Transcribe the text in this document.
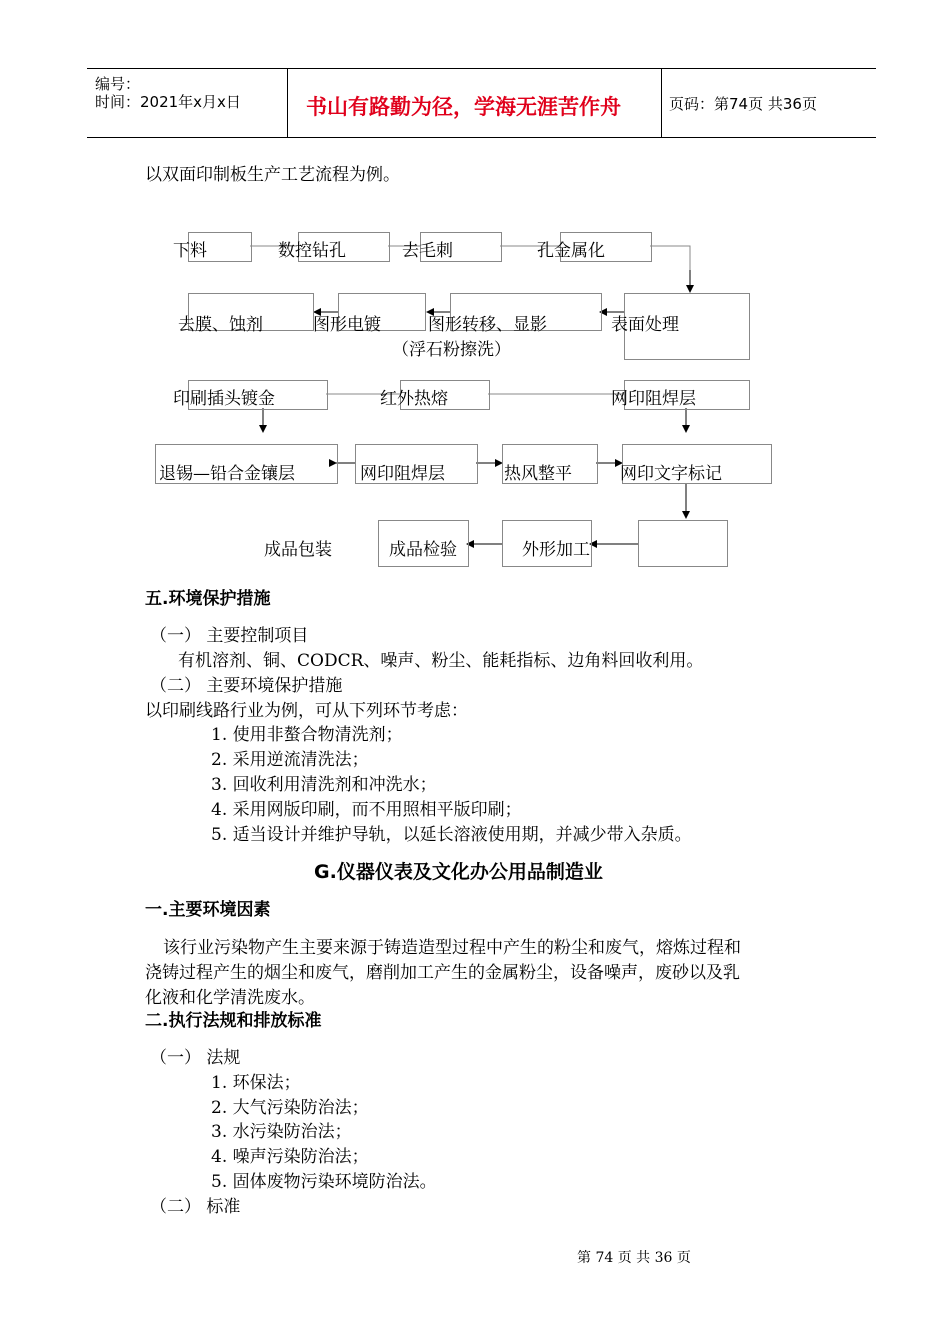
编号：
时间：2021年x月x日	书山有路勤为径，学海无涯苦作舟	页码：第74页 共36页
以双面印制板生产工艺流程为例。
下料	数控钻孔	去毛刺	孔金属化
去膜、蚀剂	图形电镀	图形转移、显影	表面处理
（浮石粉擦洗）
印刷插头镀金	红外热熔	网印阻焊层
退锡—铅合金镶层	网印阻焊层	热风整平	网印文字标记
成品包装	成品检验	外形加工
五.环境保护措施
（一） 主要控制项目
有机溶剂、铜、CODCR、噪声、粉尘、能耗指标、边角料回收利用。
（二） 主要环境保护措施
以印刷线路行业为例，可从下列环节考虑：
1. 使用非螯合物清洗剂；
2. 采用逆流清洗法；
3. 回收利用清洗剂和冲洗水；
4. 采用网版印刷，而不用照相平版印刷；
5. 适当设计并维护导轨，以延长溶液使用期，并减少带入杂质。
G.仪器仪表及文化办公用品制造业
一.主要环境因素
该行业污染物产生主要来源于铸造造型过程中产生的粉尘和废气，熔炼过程和
浇铸过程产生的烟尘和废气，磨削加工产生的金属粉尘，设备噪声，废砂以及乳
化液和化学清洗废水。
二.执行法规和排放标准
（一） 法规
1. 环保法；
2. 大气污染防治法；
3. 水污染防治法；
4. 噪声污染防治法；
5. 固体废物污染环境防治法。
（二） 标准
第 74 页 共 36 页
